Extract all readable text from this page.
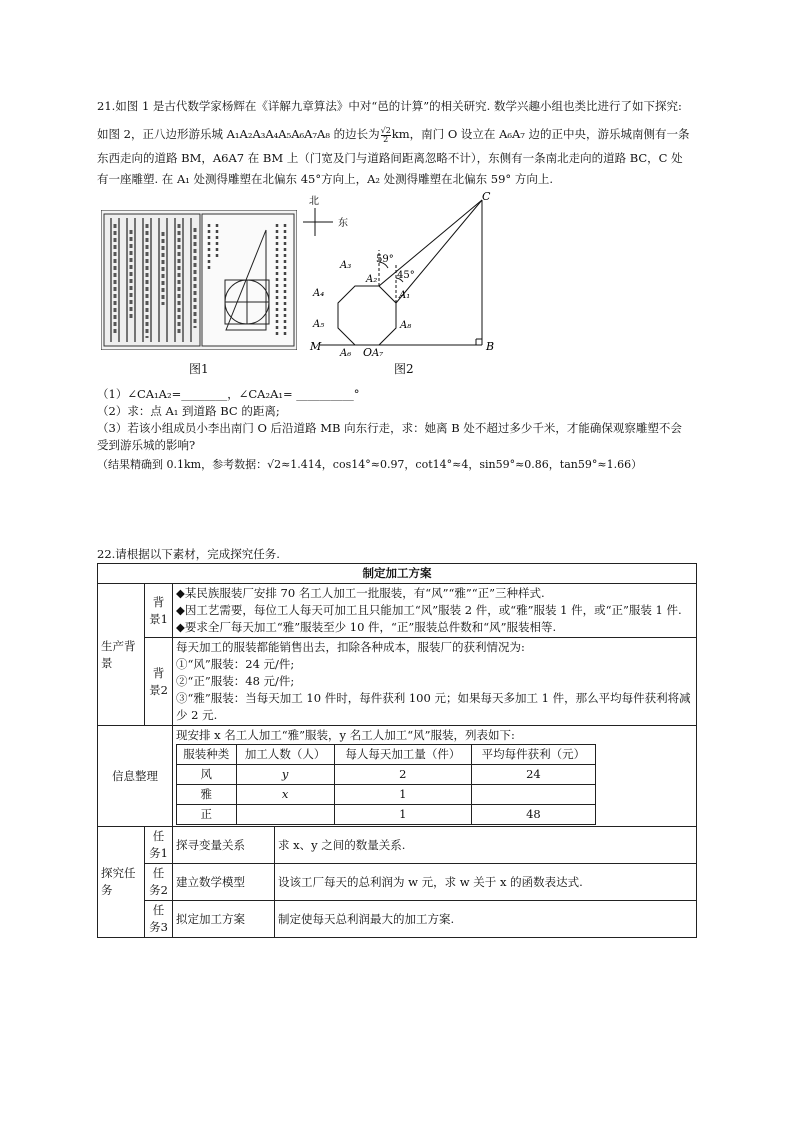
21.如图 1 是古代数学家杨辉在《详解九章算法》中对“邑的计算”的相关研究. 数学兴趣小组也类比进行了如下探究:
如图 2，正八边形游乐城 A₁A₂A₃A₄A₅A₆A₇A₈ 的边长为 $\frac{√2}{2}$ km，南门 O 设立在 A₆A₇ 边的正中央，游乐城南侧有一条
东西走向的道路 BM，A6A7 在 BM 上（门宽及门与道路间距离忽略不计），东侧有一条南北走向的道路 BC，C 处
有一座雕塑. 在 A₁ 处测得雕塑在北偏东 45°方向上，A₂ 处测得雕塑在北偏东 59° 方向上.
图1
北
东
C
B
M	O
A₆ A₇
A₈
A₁
A₂
A₃
A₄
A₅
59°
45°
图2
（1）∠CA₁A₂=________，∠CA₂A₁= __________°
（2）求：点 A₁ 到道路 BC 的距离;
（3）若该小组成员小李出南门 O 后沿道路 MB 向东行走，求：她离 B 处不超过多少千米，才能确保观察雕塑不会
受到游乐城的影响?
（结果精确到 0.1km，参考数据：√2≈1.414，cos14°≈0.97，cot14°≈4，sin59°≈0.86，tan59°≈1.66）
22.请根据以下素材，完成探究任务.
制定加工方案
生产背景	背景1	
◆某民族服装厂安排 70 名工人加工一批服装，有“风”“雅”“正”三种样式.
◆因工艺需要，每位工人每天可加工且只能加工“风”服装 2 件，或“雅”服装 1 件，或“正”服装 1 件.
◆要求全厂每天加工“雅”服装至少 10 件，“正”服装总件数和“风”服装相等.

背景2	
每天加工的服装都能销售出去，扣除各种成本，服装厂的获利情况为:
①“风”服装：24 元/件;
②“正”服装：48 元/件;
③“雅”服装：当每天加工 10 件时，每件获利 100 元；如果每天多加工 1 件，那么平均每件获利将减
少 2 元.

信息整理	
现安排 x 名工人加工“雅”服装，y 名工人加工“风”服装，列表如下:
服装种类	加工人数（人）	每人每天加工量（件）	平均每件获利（元）
风	y	2	24
雅	x	1	
正		1	48

探究任务	任务1	探寻变量关系	求 x、y 之间的数量关系.
任务2	建立数学模型	设该工厂每天的总利润为 w 元，求 w 关于 x 的函数表达式.
任务3	拟定加工方案	制定使每天总利润最大的加工方案.
